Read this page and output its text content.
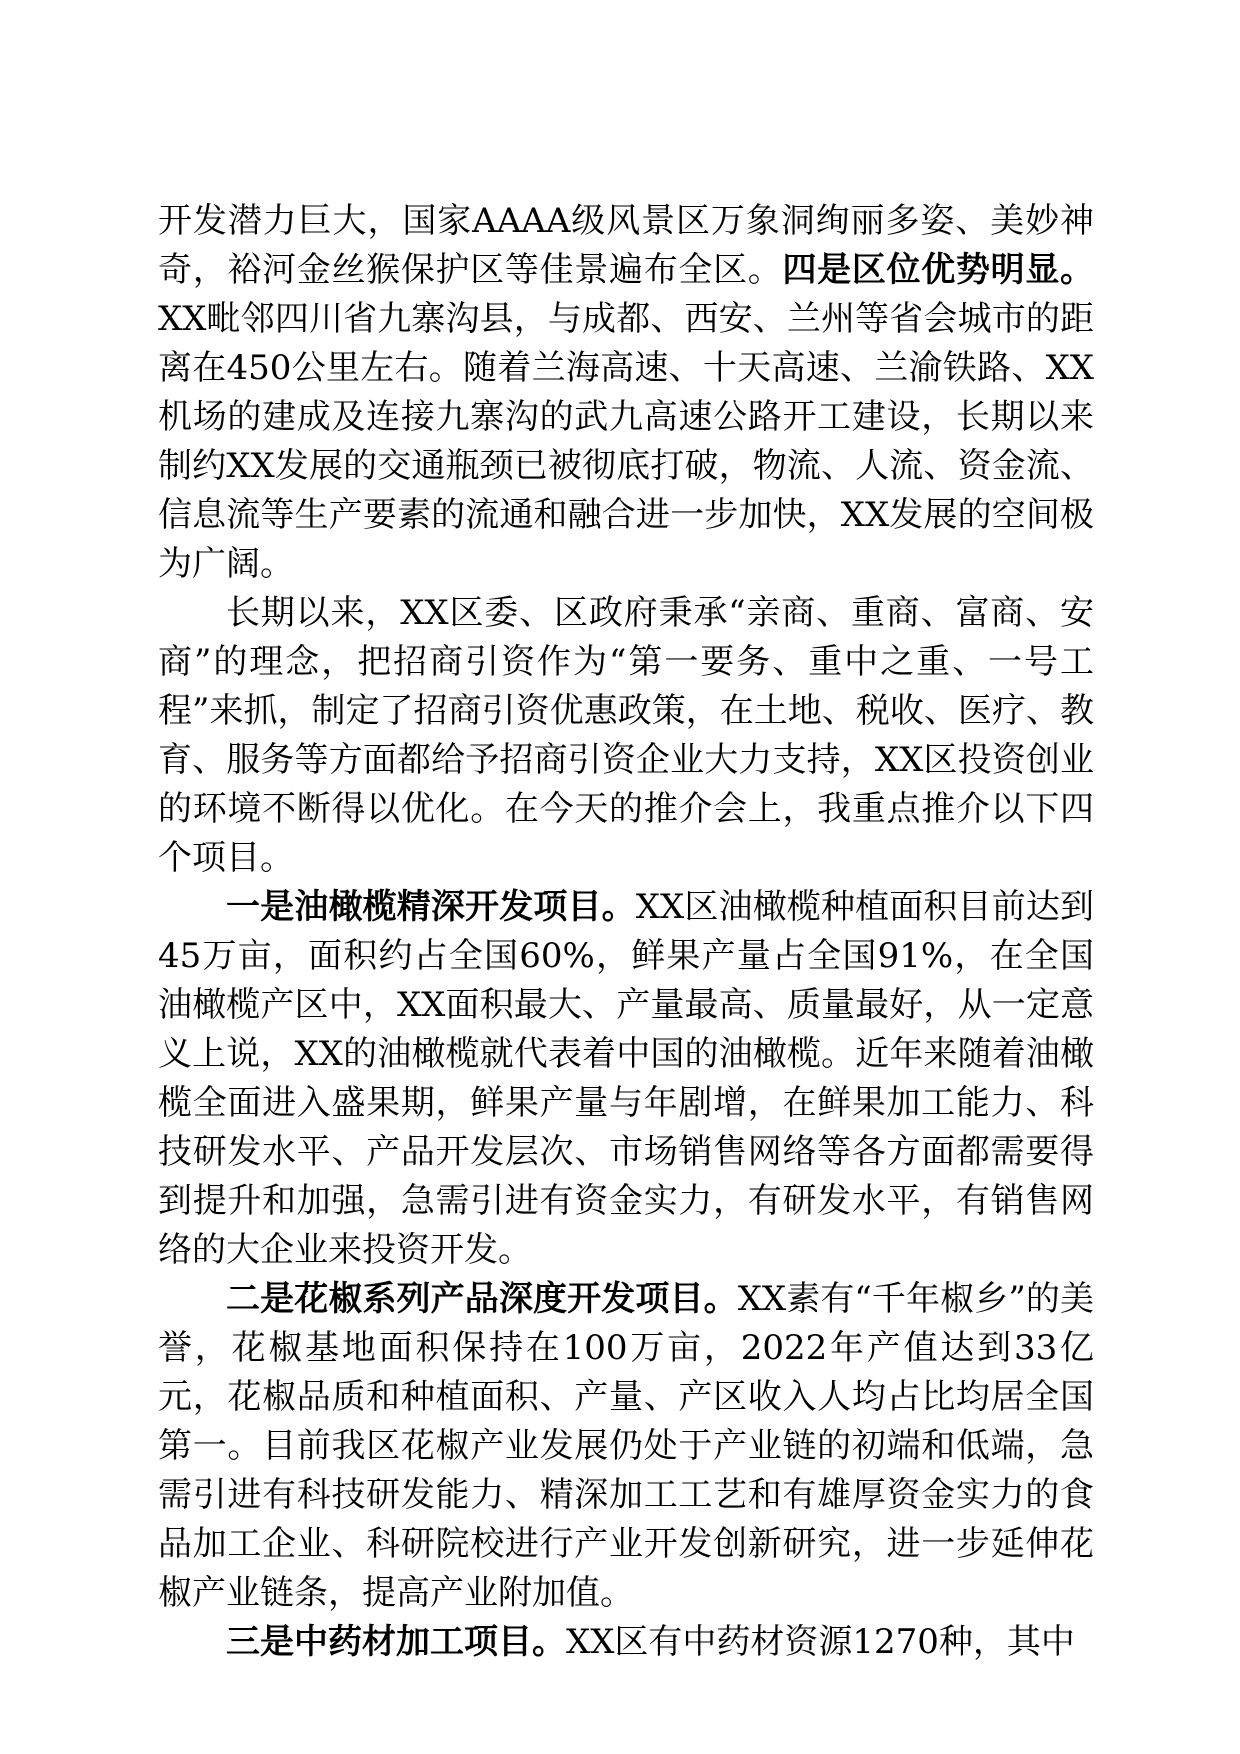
开发潜力巨大，国家AAAA级风景区万象洞绚丽多姿、美妙神奇，裕河金丝猴保护区等佳景遍布全区。四是区位优势明显。XX毗邻四川省九寨沟县，与成都、西安、兰州等省会城市的距离在450公里左右。随着兰海高速、十天高速、兰渝铁路、XX机场的建成及连接九寨沟的武九高速公路开工建设，长期以来制约XX发展的交通瓶颈已被彻底打破，物流、人流、资金流、信息流等生产要素的流通和融合进一步加快，XX发展的空间极为广阔。

长期以来，XX区委、区政府秉承“亲商、重商、富商、安商”的理念，把招商引资作为“第一要务、重中之重、一号工程”来抓，制定了招商引资优惠政策，在土地、税收、医疗、教育、服务等方面都给予招商引资企业大力支持，XX区投资创业的环境不断得以优化。在今天的推介会上，我重点推介以下四个项目。

一是油橄榄精深开发项目。XX区油橄榄种植面积目前达到45万亩，面积约占全国60%，鲜果产量占全国91%，在全国油橄榄产区中，XX面积最大、产量最高、质量最好，从一定意义上说，XX的油橄榄就代表着中国的油橄榄。近年来随着油橄榄全面进入盛果期，鲜果产量与年剧增，在鲜果加工能力、科技研发水平、产品开发层次、市场销售网络等各方面都需要得到提升和加强，急需引进有资金实力，有研发水平，有销售网络的大企业来投资开发。

二是花椒系列产品深度开发项目。XX素有“千年椒乡”的美誉，花椒基地面积保持在100万亩，2022年产值达到33亿元，花椒品质和种植面积、产量、产区收入人均占比均居全国第一。目前我区花椒产业发展仍处于产业链的初端和低端，急需引进有科技研发能力、精深加工工艺和有雄厚资金实力的食品加工企业、科研院校进行产业开发创新研究，进一步延伸花椒产业链条，提高产业附加值。

三是中药材加工项目。XX区有中药材资源1270种，其中
